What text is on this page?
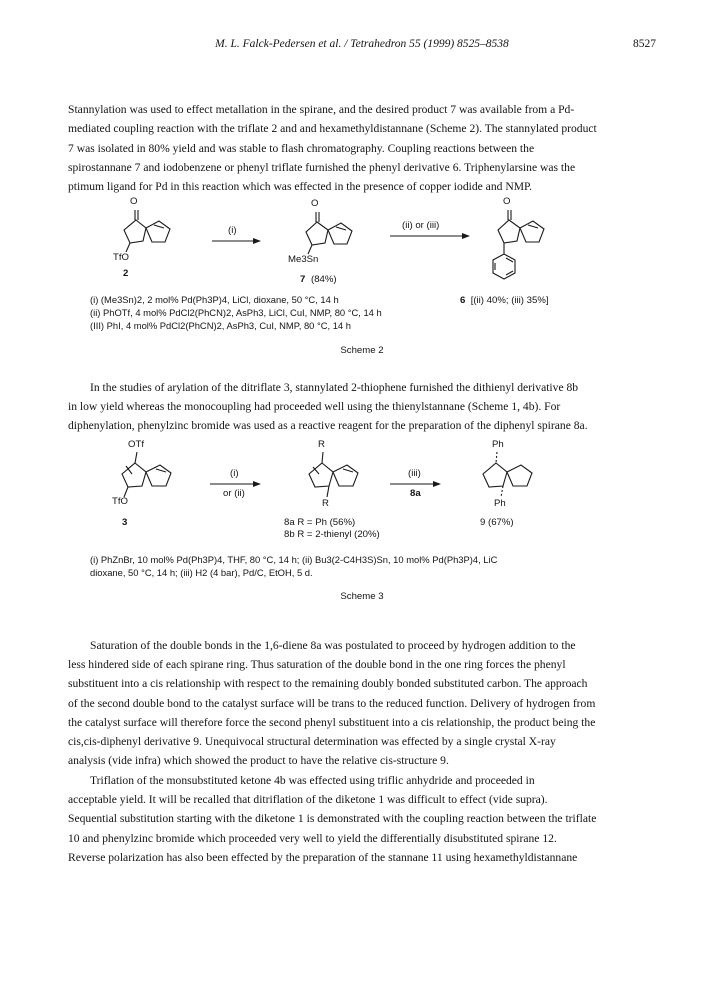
M. L. Falck-Pedersen et al. / Tetrahedron 55 (1999) 8525–8538	8527
Stannylation was used to effect metallation in the spirane, and the desired product 7 was available from a Pd-
mediated coupling reaction with the triflate 2 and and hexamethyldistannane (Scheme 2). The stannylated product
7 was isolated in 80% yield and was stable to flash chromatography. Coupling reactions between the
spirostannane 7 and iodobenzene or phenyl triflate furnished the phenyl derivative 6. Triphenylarsine was the
ptimum ligand for Pd in this reaction which was effected in the presence of copper iodide and NMP.
O	O	O
(i)	(ii) or (iii)
TfO	Me3Sn
2
7 (84%)
(i) (Me3Sn)2, 2 mol% Pd(Ph3P)4, LiCl, dioxane, 50 °C, 14 h
(ii) PhOTf, 4 mol% PdCl2(PhCN)2, AsPh3, LiCl, CuI, NMP, 80 °C, 14 h
(III) PhI, 4 mol% PdCl2(PhCN)2, AsPh3, CuI, NMP, 80 °C, 14 h
6 [(ii) 40%; (iii) 35%]
Scheme 2
In the studies of arylation of the ditriflate 3, stannylated 2-thiophene furnished the dithienyl derivative 8b
in low yield whereas the monocoupling had proceeded well using the thienylstannane (Scheme 1, 4b). For
diphenylation, phenylzinc bromide was used as a reactive reagent for the preparation of the diphenyl spirane 8a.
OTf	R	Ph
(i)
or (ii)
(iii)
8a
TfO	R	Ph
3	8a R = Ph (56%)
8b R = 2-thienyl (20%)
9 (67%)
(i) PhZnBr, 10 mol% Pd(Ph3P)4, THF, 80 °C, 14 h; (ii) Bu3(2-C4H3S)Sn, 10 mol% Pd(Ph3P)4, LiC
dioxane, 50 °C, 14 h; (iii) H2 (4 bar), Pd/C, EtOH, 5 d.
Scheme 3
Saturation of the double bonds in the 1,6-diene 8a was postulated to proceed by hydrogen addition to the
less hindered side of each spirane ring. Thus saturation of the double bond in the one ring forces the phenyl
substituent into a cis relationship with respect to the remaining doubly bonded substituted carbon. The approach
of the second double bond to the catalyst surface will be trans to the reduced function. Delivery of hydrogen from
the catalyst surface will therefore force the second phenyl substituent into a cis relationship, the product being the
cis,cis-diphenyl derivative 9. Unequivocal structural determination was effected by a single crystal X-ray
analysis (vide infra) which showed the product to have the relative cis-structure 9.
Triflation of the monsubstituted ketone 4b was effected using triflic anhydride and proceeded in
acceptable yield. It will be recalled that ditriflation of the diketone 1 was difficult to effect (vide supra).
Sequential substitution starting with the diketone 1 is demonstrated with the coupling reaction between the triflate
10 and phenylzinc bromide which proceeded very well to yield the differentially disubstituted spirane 12.
Reverse polarization has also been effected by the preparation of the stannane 11 using hexamethyldistannane
